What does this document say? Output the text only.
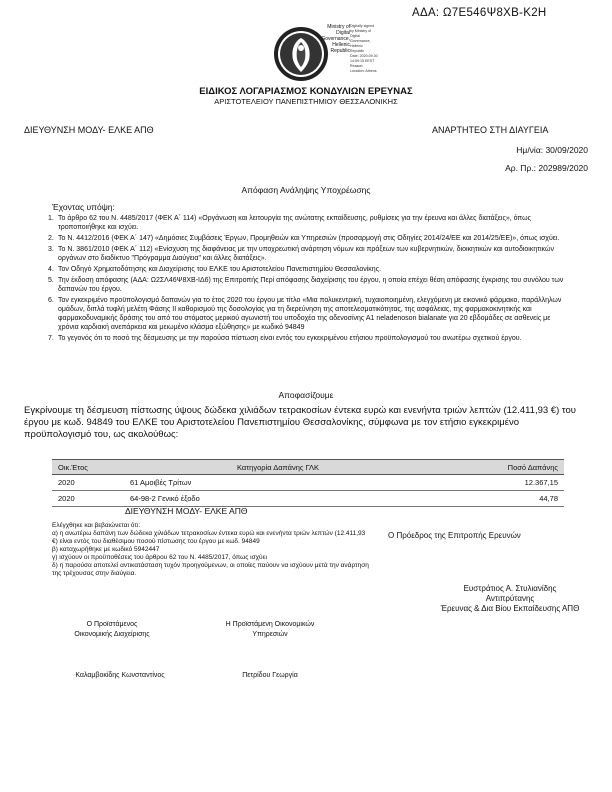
ΑΔΑ: Ω7Ε546Ψ8ΧΒ-Κ2Η
Ministry of Digital
Governance,
Hellenic Republic
Digitally signed
by Ministry of
Digital
Governance,
Hellenic
Republic
Date: 2020.09.30
14:59:15 EEST
Reason:
Location: Athens
ΕΙΔΙΚΟΣ ΛΟΓΑΡΙΑΣΜΟΣ ΚΟΝΔΥΛΙΩΝ ΕΡΕΥΝΑΣ
ΑΡΙΣΤΟΤΕΛΕΙΟΥ ΠΑΝΕΠΙΣΤΗΜΙΟΥ ΘΕΣΣΑΛΟΝΙΚΗΣ
ΔΙΕΥΘΥΝΣΗ ΜΟΔΥ- ΕΛΚΕ ΑΠΘ	ΑΝΑΡΤΗΤΕΟ ΣΤΗ ΔΙΑΥΓΕΙΑ
Ημ/νία: 30/09/2020
Αρ. Πρ.: 202989/2020
Απόφαση Ανάληψης Υποχρέωσης
Έχοντας υπόψη:
1. Το άρθρο 62 του Ν. 4485/2017 (ΦΕΚ Α΄ 114) «Οργάνωση και λειτουργία της ανώτατης εκπαίδευσης, ρυθμίσεις για την έρευνα και άλλες διατάξεις», όπως τροποποιήθηκε και ισχύει.
2. Το Ν. 4412/2016 (ΦΕΚ Α΄ 147) «Δημόσιες Συμβάσεις Έργων, Προμηθειών και Υπηρεσιών (προσαρμογή στις Οδηγίες 2014/24/ΕΕ και 2014/25/ΕΕ)», όπως ισχύει.
3. Το Ν. 3861/2010 (ΦΕΚ Α΄ 112) «Ενίσχυση της διαφάνειας με την υποχρεωτική ανάρτηση νόμων και πράξεων των κυβερνητικών, διοικητικών και αυτοδιοικητικών οργάνων στο διαδίκτυο "Πρόγραμμα Διαύγεια" και άλλες διατάξεις».
4. Τον Οδηγό Χρηματοδότησης και Διαχείρισης του ΕΛΚΕ του Αριστοτελείου Πανεπιστημίου Θεσσαλονίκης.
5. Την έκδοση απόφασης (ΑΔΑ: Ω2ΣΛ46Ψ8ΧΒ-ΙΔ6) της Επιτροπής Περί απόφασης διαχείρισης του έργου, η οποία επέχει θέση απόφασης έγκρισης του συνόλου των δαπανών του έργου.
6. Τον εγκεκριμένο προϋπολογισμό δαπανών για το έτος 2020 του έργου με τίτλο «Μια πολυκεντρική, τυχαιοποιημένη, ελεγχόμενη με εικονικό φάρμακο, παράλληλων ομάδων, διπλά τυφλή μελέτη Φάσης ΙΙ καθορισμού της δοσολογίας για τη διερεύνηση της αποτελεσματικότητας, της ασφάλειας, της φαρμακοκινητικής και φαρμακοδυναμικής δράσης του από του στόματος μερικού αγωνιστή του υποδοχέα της αδενοσίνης Α1 neladenoson bialanate για 20 εβδομάδες σε ασθενείς με χρόνια καρδιακή ανεπάρκεια και μειωμένο κλάσμα εξώθησης» με κωδικό 94849
7. Το γεγονός ότι το ποσό της δέσμευσης με την παρούσα πίστωση είναι εντός του εγκεκριμένου ετήσιου προϋπολογισμού του ανωτέρω σχετικού έργου.
Αποφασίζουμε
Εγκρίνουμε τη δέσμευση πίστωσης ύψους δώδεκα χιλιάδων τετρακοσίων έντεκα ευρώ και ενενήντα τριών λεπτών (12.411,93 €) του έργου με κωδ. 94849 του ΕΛΚΕ του Αριστοτελείου Πανεπιστημίου Θεσσαλονίκης, σύμφωνα με τον ετήσιο εγκεκριμένο προϋπολογισμό του, ως ακολούθως:
Οικ.Έτος	Κατηγορία Δαπάνης ΓΛΚ	Ποσό Δαπάνης
2020	61 Αμοιβές Τρίτων	12.367,15
2020	64-98-2 Γενικό έξοδο	44,78
ΔΙΕΥΘΥΝΣΗ ΜΟΔΥ- ΕΛΚΕ ΑΠΘ
Ελέγχθηκε και βεβαιώνεται ότι:
α) η ανωτέρω δαπάνη των δώδεκα χιλιάδων τετρακοσίων έντεκα ευρώ και ενενήντα τριών λεπτών (12.411,93 €) είναι εντός του διαθέσιμου ποσού πίστωσης του έργου με κωδ. 94849
β) καταχωρήθηκε με κωδικό 5942447
γ) ισχύουν οι προϋποθέσεις του άρθρου 62 του Ν. 4485/2017, όπως ισχύει
δ) η παρούσα αποτελεί αντικατάσταση τυχόν προηγούμενων, οι οποίες παύουν να ισχύουν μετά την ανάρτηση της τρέχουσας στην διαύγεια.
Ο Πρόεδρος της Επιτροπής Ερευνών
Ευστράτιος Α. Στυλιανίδης
Αντιπρύτανης
Έρευνας & Δια Βίου Εκπαίδευσης ΑΠΘ
Ο Προϊστάμενος
Οικονομικής Διαχείρισης
Η Προϊστάμενη Οικονομικών
Υπηρεσιών
Καλαμβοκίδης Κωνσταντίνος	Πετρίδου Γεωργία
